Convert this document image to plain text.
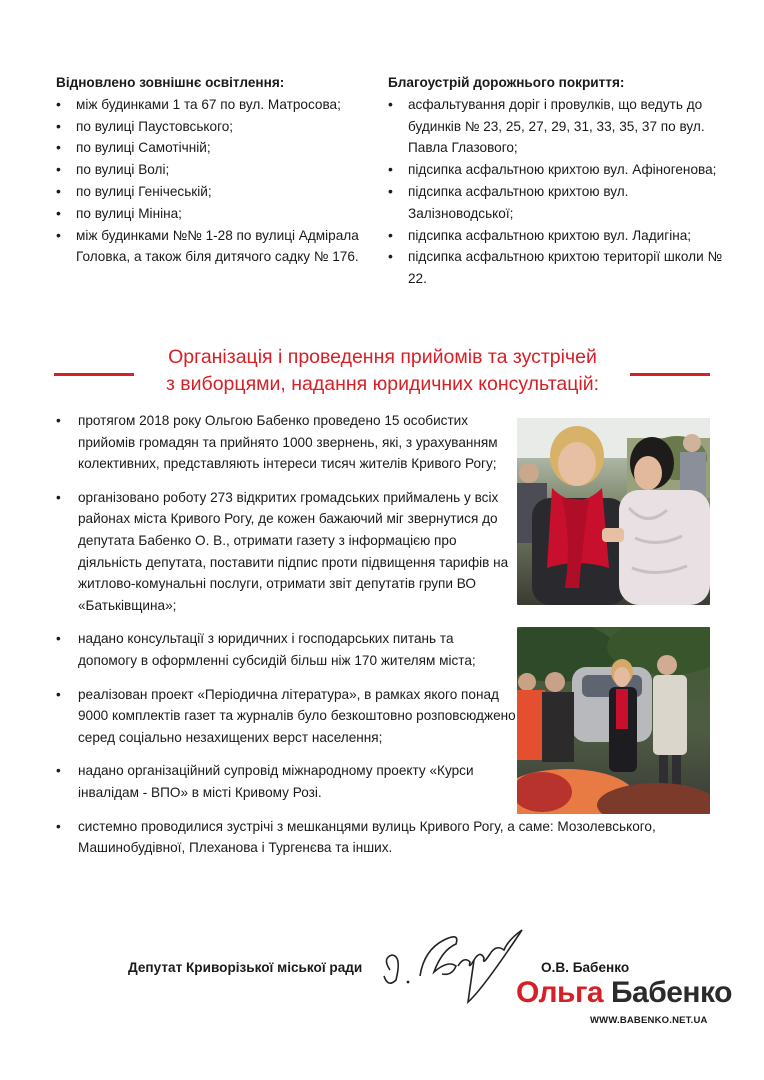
Відновлено зовнішнє освітлення:

• між будинками 1 та 67 по вул. Матросова;
• по вулиці Паустовського;
• по вулиці Самотічній;
• по вулиці Волі;
• по вулиці Генічеській;
• по вулиці Мініна;
• між будинками №№ 1-28 по вулиці Адмірала Головка, а також біля дитячого садку № 176.

Благоустрій дорожнього покриття:

• асфальтування доріг і провулків, що ведуть до будинків № 23, 25, 27, 29, 31, 33, 35, 37 по вул. Павла Глазового;
• підсипка асфальтною крихтою вул. Афіногенова;
• підсипка асфальтною крихтою вул. Залізноводської;
• підсипка асфальтною крихтою вул. Ладигіна;
• підсипка асфальтною крихтою території школи № 22.
Організація і проведення прийомів та зустрічей
з виборцями, надання юридичних консультацій:
• протягом 2018 року Ольгою Бабенко проведено 15 особистих прийомів громадян та прийнято 1000 звернень, які, з урахуванням колективних, представляють інтереси тисяч жителів Кривого Рогу;
• організовано роботу 273 відкритих громадських приймалень у всіх районах міста Кривого Рогу, де кожен бажаючий міг звернутися до депутата Бабенко О. В., отримати газету з інформацією про діяльність депутата, поставити підпис проти підвищення тарифів на житлово-комунальні послуги, отримати звіт депутатів групи ВО «Батьківщина»;
• надано консультації з юридичних і господарських питань та допомогу в оформленні субсидій більш ніж 170 жителям міста;
• реалізован проект «Періодична література», в рамках якого понад 9000 комплектів газет та журналів було безкоштовно розповсюджено серед соціально незахищених верст населення;
• надано організаційний супровід міжнародному проекту «Курси інвалідам - ВПО» в місті Кривому Розі.
• системно проводилися зустрічі з мешканцями вулиць Кривого Рогу, а саме: Мозолевського, Машинобудівної, Плеханова і Тургенєва та інших.
Депутат Криворізької міської ради	О.В. Бабенко
Ольга Бабенко
WWW.BABENKO.NET.UA
